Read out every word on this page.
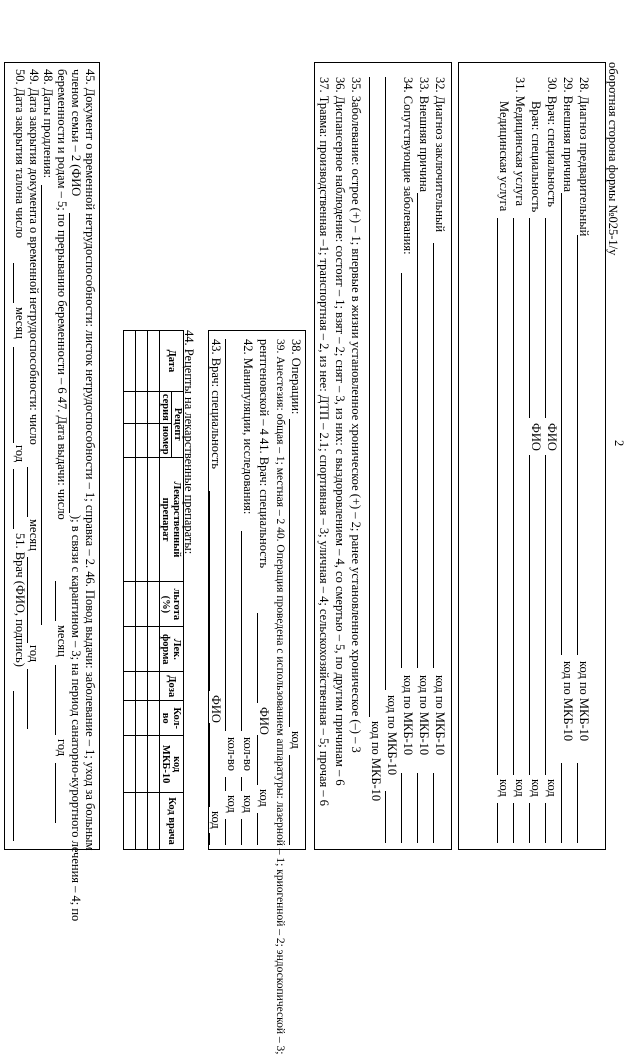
2
оборотная сторона формы №025-1/у
28. Диагноз предварительный
код по МКБ-10
29. Внешняя причина
код по МКБ-10
30. Врач: специальность
ФИО
код
Врач: специальность
ФИО
код
31. Медицинская услуга
код
Медицинская услуга
код
32. Диагноз заключительный
код по МКБ-10
33. Внешняя причина
код по МКБ-10
34. Сопутствующие заболевания:
код по МКБ-10
код по МКБ-10
код по МКБ-10
35. Заболевание: острое (+) – 1; впервые в жизни установленное хроническое (+) – 2; ранее установленное хроническое (–) – 3
36. Диспансерное наблюдение: состоит – 1; взят – 2; снят – 3, из них: с выздоровлением – 4, со смертью – 5, по другим причинам – 6
37. Травма: производственная –1; транспортная – 2, из нее: ДТП – 2.1; спортивная – 3; уличная – 4; сельскохозяйственная – 5; прочая – 6
38. Операции:
код
39. Анестезия: общая – 1; местная – 2 40. Операция проведена с использованием аппаратуры: лазерной – 1; криогенной – 2; эндоскопической – 3;
рентгеновской – 4 41. Врач: специальность
ФИО
код
42. Манипуляции, исследования:
кол-во
код
кол-во
код
43. Врач: специальность
ФИО
код
44. Рецепты на лекарственные препараты:
Дата	Рецепт		Лекарственный препарат	льгота (%)	Лек. форма	Доза	Кол-во	код МКБ-10	Код врача
	серия	номер							

45. Документ о временной нетрудоспособности: листок нетрудоспособности – 1; справка – 2. 46. Повод выдачи: заболевание – 1; уход за больным
членом семьи – 2 (ФИО
); в связи с карантином – 3; на период санаторно-курортного лечения – 4; по
беременности и родам – 5; по прерыванию беременности – 6 47. Дата выдачи: число
месяц
год
48. Даты продления:
49. Дата закрытия документа о временной нетрудоспособности: число
месяц
год
50. Дата закрытия талона число
месяц
год
51. Врач (ФИО, подпись)
